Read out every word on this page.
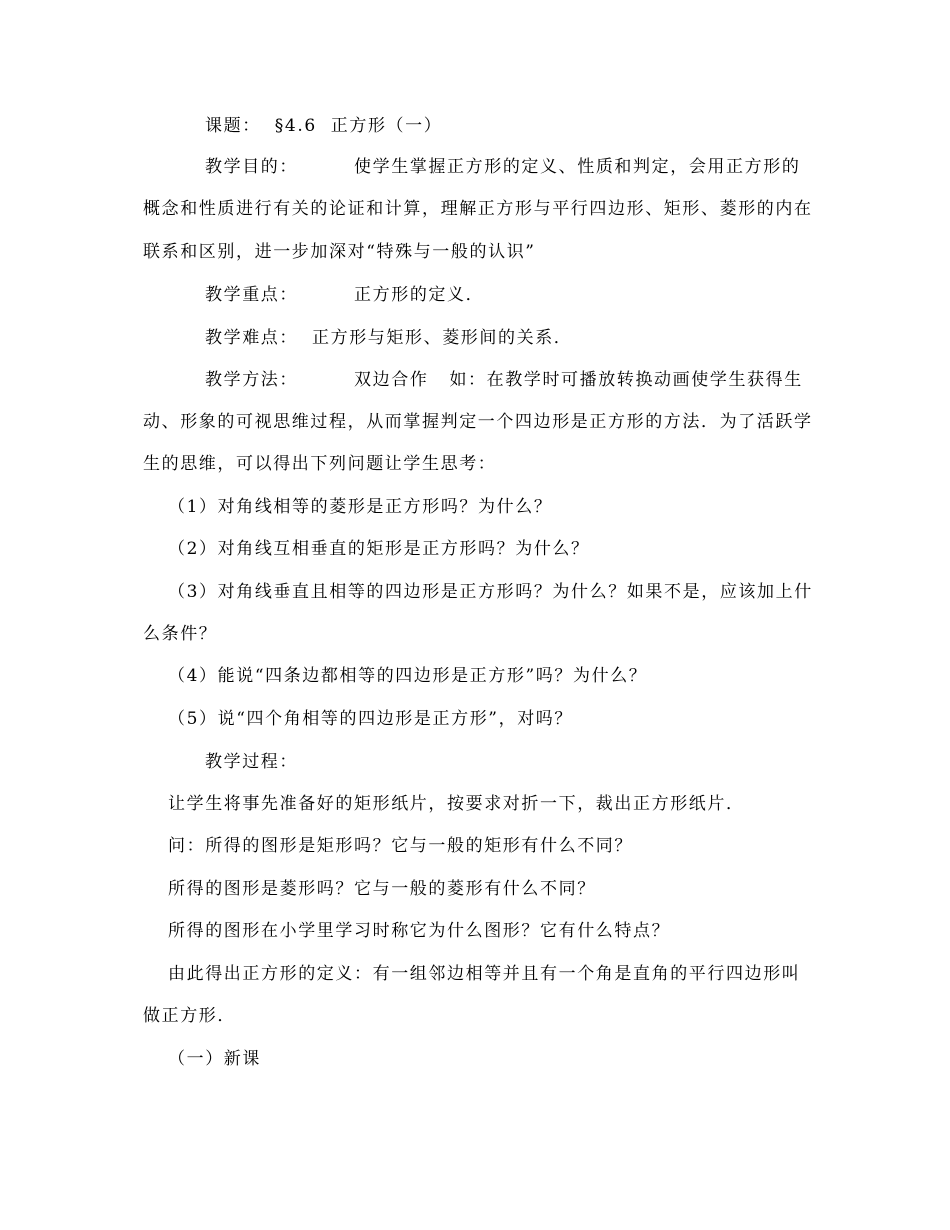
课题：  §4.6  正方形（一）
教学目的：        使学生掌握正方形的定义、性质和判定，会用正方形的
概念和性质进行有关的论证和计算，理解正方形与平行四边形、矩形、菱形的内在
联系和区别，进一步加深对“特殊与一般的认识”
教学重点：        正方形的定义．
教学难点：  正方形与矩形、菱形间的关系．
教学方法：        双边合作   如：在教学时可播放转换动画使学生获得生
动、形象的可视思维过程，从而掌握判定一个四边形是正方形的方法．为了活跃学
生的思维，可以得出下列问题让学生思考：
（1）对角线相等的菱形是正方形吗？为什么？
（2）对角线互相垂直的矩形是正方形吗？为什么？
（3）对角线垂直且相等的四边形是正方形吗？为什么？如果不是，应该加上什
么条件？
（4）能说“四条边都相等的四边形是正方形”吗？为什么？
（5）说“四个角相等的四边形是正方形”，对吗？
教学过程：
让学生将事先准备好的矩形纸片，按要求对折一下，裁出正方形纸片．
问：所得的图形是矩形吗？它与一般的矩形有什么不同？
所得的图形是菱形吗？它与一般的菱形有什么不同？
所得的图形在小学里学习时称它为什么图形？它有什么特点？
由此得出正方形的定义：有一组邻边相等并且有一个角是直角的平行四边形叫
做正方形．
（一）新课
